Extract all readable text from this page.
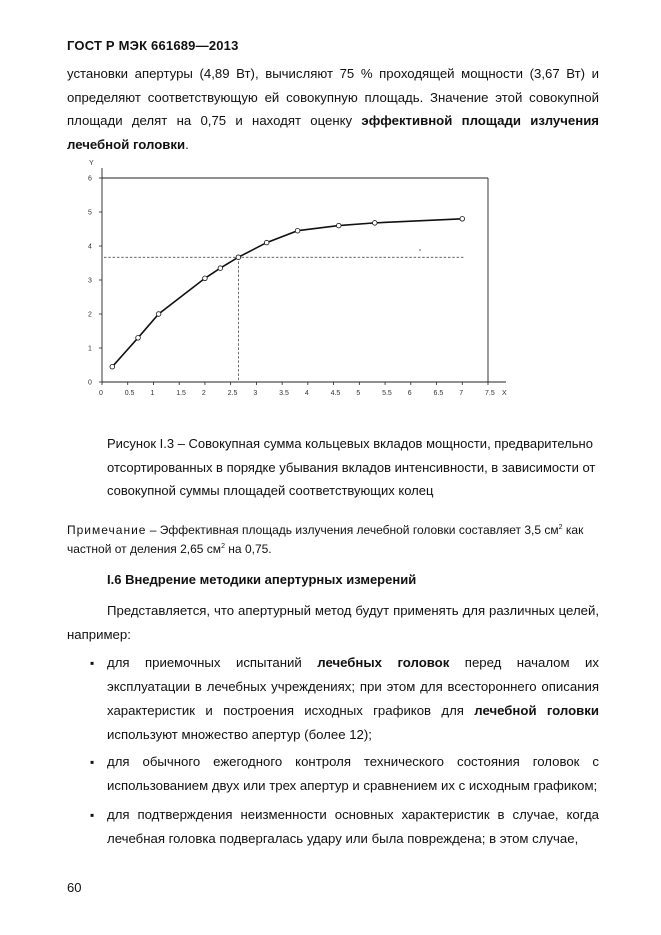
ГОСТ Р МЭК 661689—2013
установки апертуры (4,89 Вт), вычисляют 75 % проходящей мощности (3,67 Вт) и определяют соответствующую ей совокупную площадь. Значение этой совокупной площади делят на 0,75 и находят оценку эффективной площади излучения лечебной головки.
Y
X
0
1
2
3
4
5
6
0	0.5 1	1.5 2	2.5 3	3.5 4	4.5 5	5.5 6	6.5 7	7.5
Рисунок I.3 – Совокупная сумма кольцевых вкладов мощности, предварительно отсортированных в порядке убывания вкладов интенсивности, в зависимости от совокупной суммы площадей соответствующих колец
Примечание – Эффективная площадь излучения лечебной головки составляет 3,5 $см^2$ как частной от деления 2,65 $см^2$ на 0,75.
I.6 Внедрение методики апертурных измерений
Представляется, что апертурный метод будут применять для различных целей, например:
▪ для приемочных испытаний лечебных головок перед началом их эксплуатации в лечебных учреждениях; при этом для всестороннего описания характеристик и построения исходных графиков для лечебной головки используют множество апертур (более 12);
▪ для обычного ежегодного контроля технического состояния головок с использованием двух или трех апертур и сравнением их с исходным графиком;
▪ для подтверждения неизменности основных характеристик в случае, когда лечебная головка подвергалась удару или была повреждена; в этом случае,
60
